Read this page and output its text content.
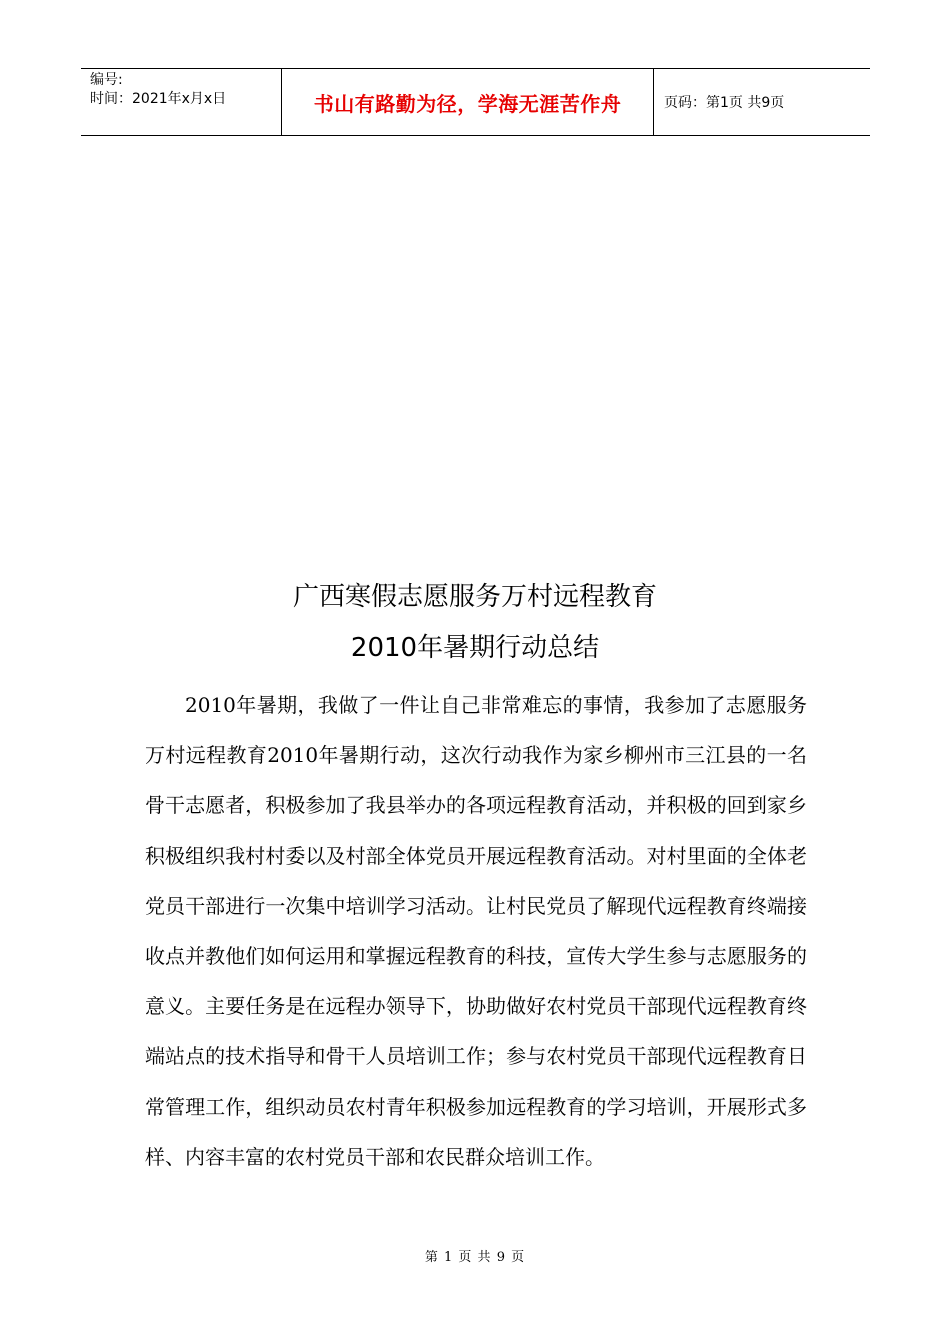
编号:
时间：2021年x月x日	书山有路勤为径，学海无涯苦作舟	页码：第1页 共9页
广西寒假志愿服务万村远程教育
2010年暑期行动总结

2010年暑期，我做了一件让自己非常难忘的事情，我参加了志愿服务万村远程教育2010年暑期行动，这次行动我作为家乡柳州市三江县的一名骨干志愿者，积极参加了我县举办的各项远程教育活动，并积极的回到家乡积极组织我村村委以及村部全体党员开展远程教育活动。对村里面的全体老党员干部进行一次集中培训学习活动。让村民党员了解现代远程教育终端接收点并教他们如何运用和掌握远程教育的科技，宣传大学生参与志愿服务的意义。主要任务是在远程办领导下，协助做好农村党员干部现代远程教育终端站点的技术指导和骨干人员培训工作；参与农村党员干部现代远程教育日常管理工作，组织动员农村青年积极参加远程教育的学习培训，开展形式多样、内容丰富的农村党员干部和农民群众培训工作。

第 1 页 共 9 页
